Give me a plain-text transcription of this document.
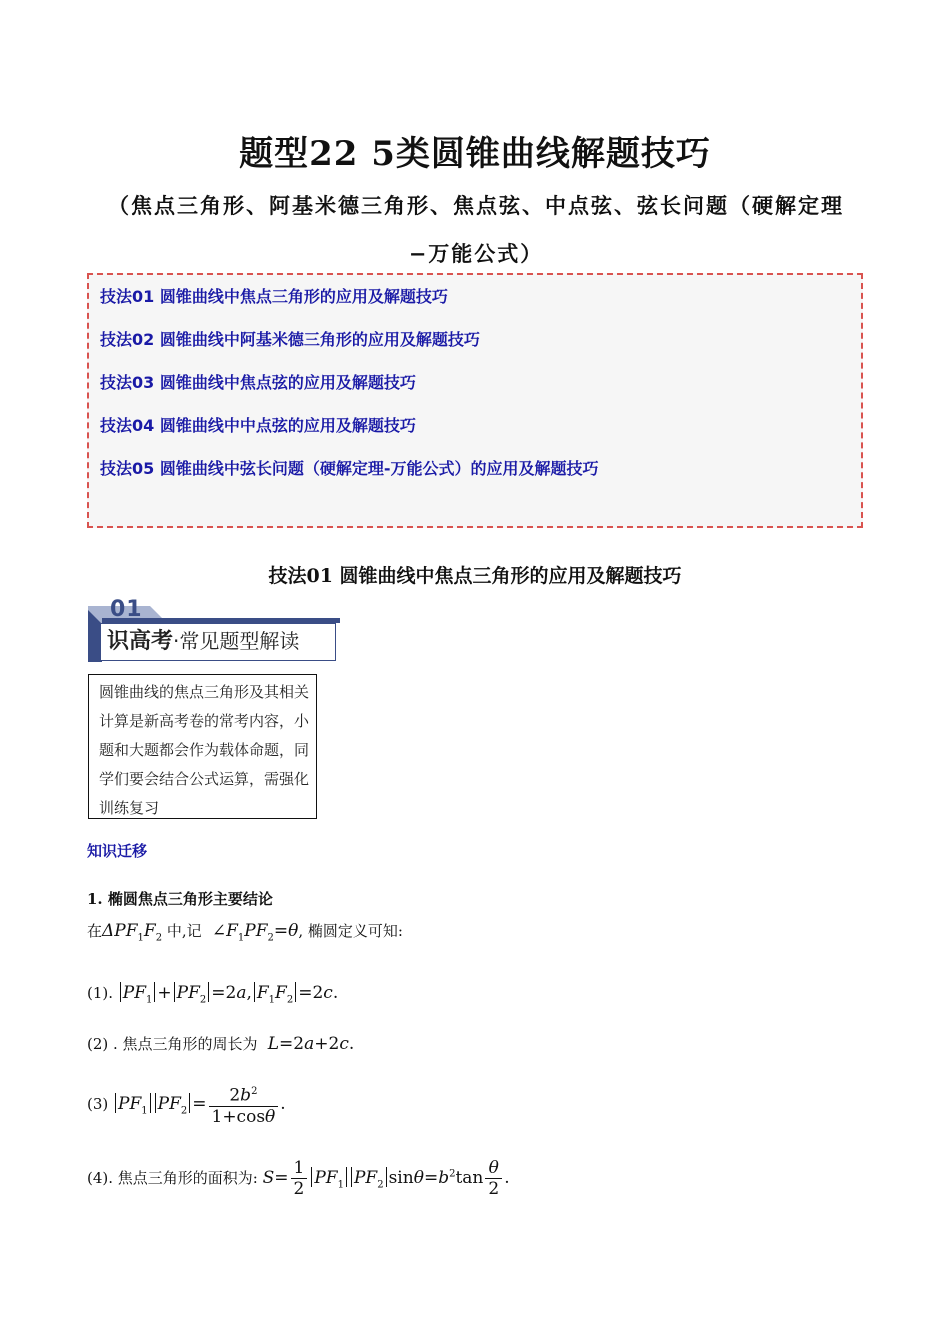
题型22 5类圆锥曲线解题技巧
（焦点三角形、阿基米德三角形、焦点弦、中点弦、弦长问题（硬解定理−万能公式）
技法01 圆锥曲线中焦点三角形的应用及解题技巧
技法02 圆锥曲线中阿基米德三角形的应用及解题技巧
技法03 圆锥曲线中焦点弦的应用及解题技巧
技法04 圆锥曲线中中点弦的应用及解题技巧
技法05 圆锥曲线中弦长问题（硬解定理-万能公式）的应用及解题技巧
技法01 圆锥曲线中焦点三角形的应用及解题技巧
01
识高考·常见题型解读
圆锥曲线的焦点三角形及其相关计算是新高考卷的常考内容，小题和大题都会作为载体命题，同学们要会结合公式运算，需强化训练复习
知识迁移
1. 椭圆焦点三角形主要结论
在$\Delta PF_1F_2$ 中,记  $\angle F_1PF_2=\theta$, 椭圆定义可知:
(1). $PF_1 + PF_2 =2a$, $F_1F_2 =2c$.
(2) . 焦点三角形的周长为  L=2a+2c.
(3) $PF_1$ $PF_2 = \frac{2b^2}{1+\cos\theta}$ .
(4). 焦点三角形的面积为: $S= \frac{1}{2} PF_1$ $PF_2$ $\sin\theta=b^2\tan \frac{\theta}{2}$ .
